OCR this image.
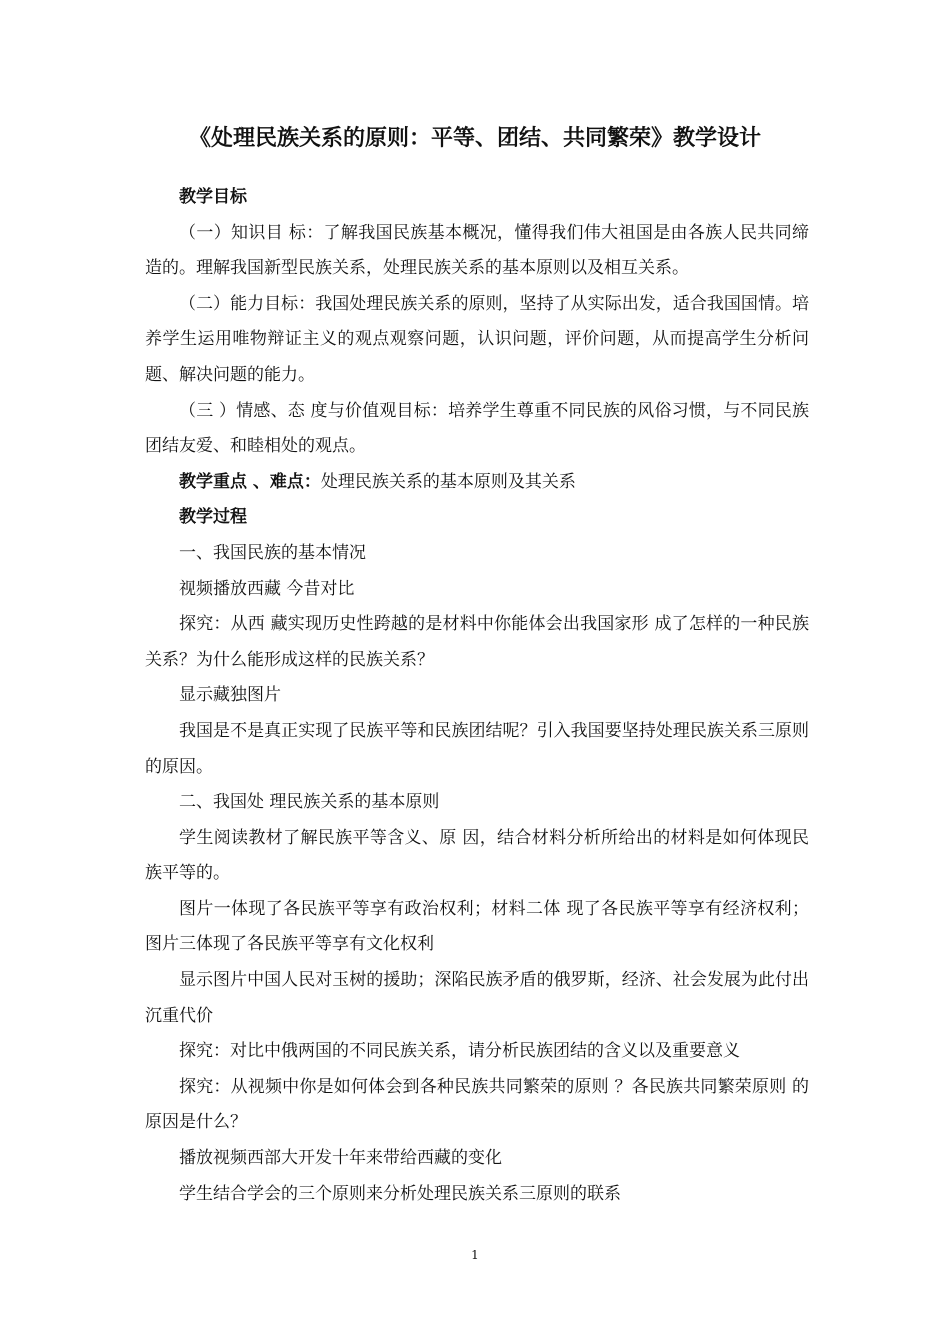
《处理民族关系的原则：平等、团结、共同繁荣》教学设计

教学目标

（一）知识目 标：了解我国民族基本概况，懂得我们伟大祖国是由各族人民共同缔造的。理解我国新型民族关系，处理民族关系的基本原则以及相互关系。

（二）能力目标：我国处理民族关系的原则，坚持了从实际出发，适合我国国情。培养学生运用唯物辩证主义的观点观察问题，认识问题，评价问题，从而提高学生分析问题、解决问题的能力。

（三 ）情感、态 度与价值观目标：培养学生尊重不同民族的风俗习惯，与不同民族团结友爱、和睦相处的观点。

教学重点 、难点：处理民族关系的基本原则及其关系

教学过程

一、我国民族的基本情况

视频播放西藏 今昔对比

探究：从西 藏实现历史性跨越的是材料中你能体会出我国家形 成了怎样的一种民族关系？为什么能形成这样的民族关系？

显示藏独图片

我国是不是真正实现了民族平等和民族团结呢？引入我国要坚持处理民族关系三原则的原因。

二、我国处 理民族关系的基本原则

学生阅读教材了解民族平等含义、原 因，结合材料分析所给出的材料是如何体现民族平等的。

图片一体现了各民族平等享有政治权利；材料二体 现了各民族平等享有经济权利；图片三体现了各民族平等享有文化权利

显示图片中国人民对玉树的援助；深陷民族矛盾的俄罗斯，经济、社会发展为此付出沉重代价

探究：对比中俄两国的不同民族关系，请分析民族团结的含义以及重要意义

探究：从视频中你是如何体会到各种民族共同繁荣的原则 ？各民族共同繁荣原则 的原因是什么？

播放视频西部大开发十年来带给西藏的变化

学生结合学会的三个原则来分析处理民族关系三原则的联系

1
